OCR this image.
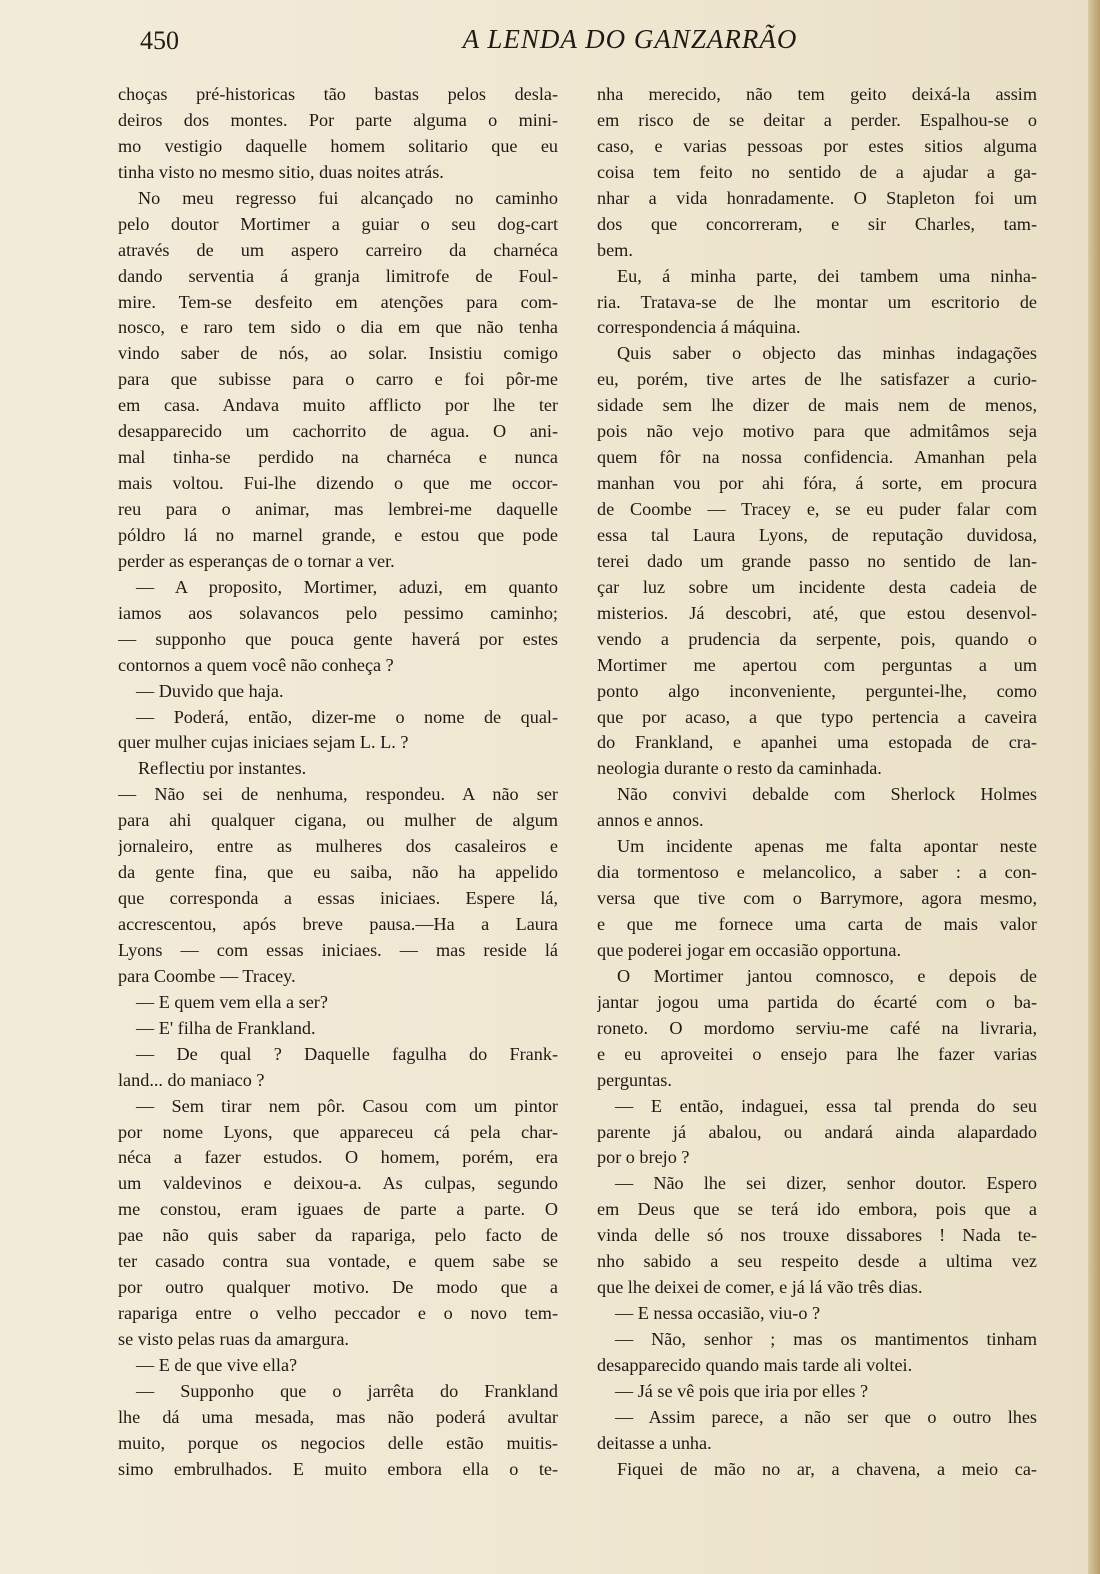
450	A LENDA DO GANZARRÃO
choças pré-historicas tão bastas pelos desla-
deiros dos montes. Por parte alguma o mini-
mo vestigio daquelle homem solitario que eu
tinha visto no mesmo sitio, duas noites atrás.
No meu regresso fui alcançado no caminho
pelo doutor Mortimer a guiar o seu dog-cart
através de um aspero carreiro da charnéca
dando serventia á granja limitrofe de Foul-
mire. Tem-se desfeito em atenções para com-
nosco, e raro tem sido o dia em que não tenha
vindo saber de nós, ao solar. Insistiu comigo
para que subisse para o carro e foi pôr-me
em casa. Andava muito afflicto por lhe ter
desapparecido um cachorrito de agua. O ani-
mal tinha-se perdido na charnéca e nunca
mais voltou. Fui-lhe dizendo o que me occor-
reu para o animar, mas lembrei-me daquelle
póldro lá no marnel grande, e estou que pode
perder as esperanças de o tornar a ver.
— A proposito, Mortimer, aduzi, em quanto
iamos aos solavancos pelo pessimo caminho;
— supponho que pouca gente haverá por estes
contornos a quem você não conheça ?
— Duvido que haja.
— Poderá, então, dizer-me o nome de qual-
quer mulher cujas iniciaes sejam L. L. ?
Reflectiu por instantes.
— Não sei de nenhuma, respondeu. A não ser
para ahi qualquer cigana, ou mulher de algum
jornaleiro, entre as mulheres dos casaleiros e
da gente fina, que eu saiba, não ha appelido
que corresponda a essas iniciaes. Espere lá,
accrescentou, após breve pausa.—Ha a Laura
Lyons — com essas iniciaes. — mas reside lá
para Coombe — Tracey.
— E quem vem ella a ser?
— E' filha de Frankland.
— De qual ? Daquelle fagulha do Frank-
land... do maniaco ?
— Sem tirar nem pôr. Casou com um pintor
por nome Lyons, que appareceu cá pela char-
néca a fazer estudos. O homem, porém, era
um valdevinos e deixou-a. As culpas, segundo
me constou, eram iguaes de parte a parte. O
pae não quis saber da rapariga, pelo facto de
ter casado contra sua vontade, e quem sabe se
por outro qualquer motivo. De modo que a
rapariga entre o velho peccador e o novo tem-
se visto pelas ruas da amargura.
— E de que vive ella?
— Supponho que o jarrêta do Frankland
lhe dá uma mesada, mas não poderá avultar
muito, porque os negocios delle estão muitis-
simo embrulhados. E muito embora ella o te-
nha merecido, não tem geito deixá-la assim
em risco de se deitar a perder. Espalhou-se o
caso, e varias pessoas por estes sitios alguma
coisa tem feito no sentido de a ajudar a ga-
nhar a vida honradamente. O Stapleton foi um
dos que concorreram, e sir Charles, tam-
bem.
Eu, á minha parte, dei tambem uma ninha-
ria. Tratava-se de lhe montar um escritorio de
correspondencia á máquina.
Quis saber o objecto das minhas indagações
eu, porém, tive artes de lhe satisfazer a curio-
sidade sem lhe dizer de mais nem de menos,
pois não vejo motivo para que admitâmos seja
quem fôr na nossa confidencia. Amanhan pela
manhan vou por ahi fóra, á sorte, em procura
de Coombe — Tracey e, se eu puder falar com
essa tal Laura Lyons, de reputação duvidosa,
terei dado um grande passo no sentido de lan-
çar luz sobre um incidente desta cadeia de
misterios. Já descobri, até, que estou desenvol-
vendo a prudencia da serpente, pois, quando o
Mortimer me apertou com perguntas a um
ponto algo inconveniente, perguntei-lhe, como
que por acaso, a que typo pertencia a caveira
do Frankland, e apanhei uma estopada de cra-
neologia durante o resto da caminhada.
Não convivi debalde com Sherlock Holmes
annos e annos.
Um incidente apenas me falta apontar neste
dia tormentoso e melancolico, a saber : a con-
versa que tive com o Barrymore, agora mesmo,
e que me fornece uma carta de mais valor
que poderei jogar em occasião opportuna.
O Mortimer jantou comnosco, e depois de
jantar jogou uma partida do écarté com o ba-
roneto. O mordomo serviu-me café na livraria,
e eu aproveitei o ensejo para lhe fazer varias
perguntas.
— E então, indaguei, essa tal prenda do seu
parente já abalou, ou andará ainda alapardado
por o brejo ?
— Não lhe sei dizer, senhor doutor. Espero
em Deus que se terá ido embora, pois que a
vinda delle só nos trouxe dissabores ! Nada te-
nho sabido a seu respeito desde a ultima vez
que lhe deixei de comer, e já lá vão três dias.
— E nessa occasião, viu-o ?
— Não, senhor ; mas os mantimentos tinham
desapparecido quando mais tarde ali voltei.
— Já se vê pois que iria por elles ?
— Assim parece, a não ser que o outro lhes
deitasse a unha.
Fiquei de mão no ar, a chavena, a meio ca-
